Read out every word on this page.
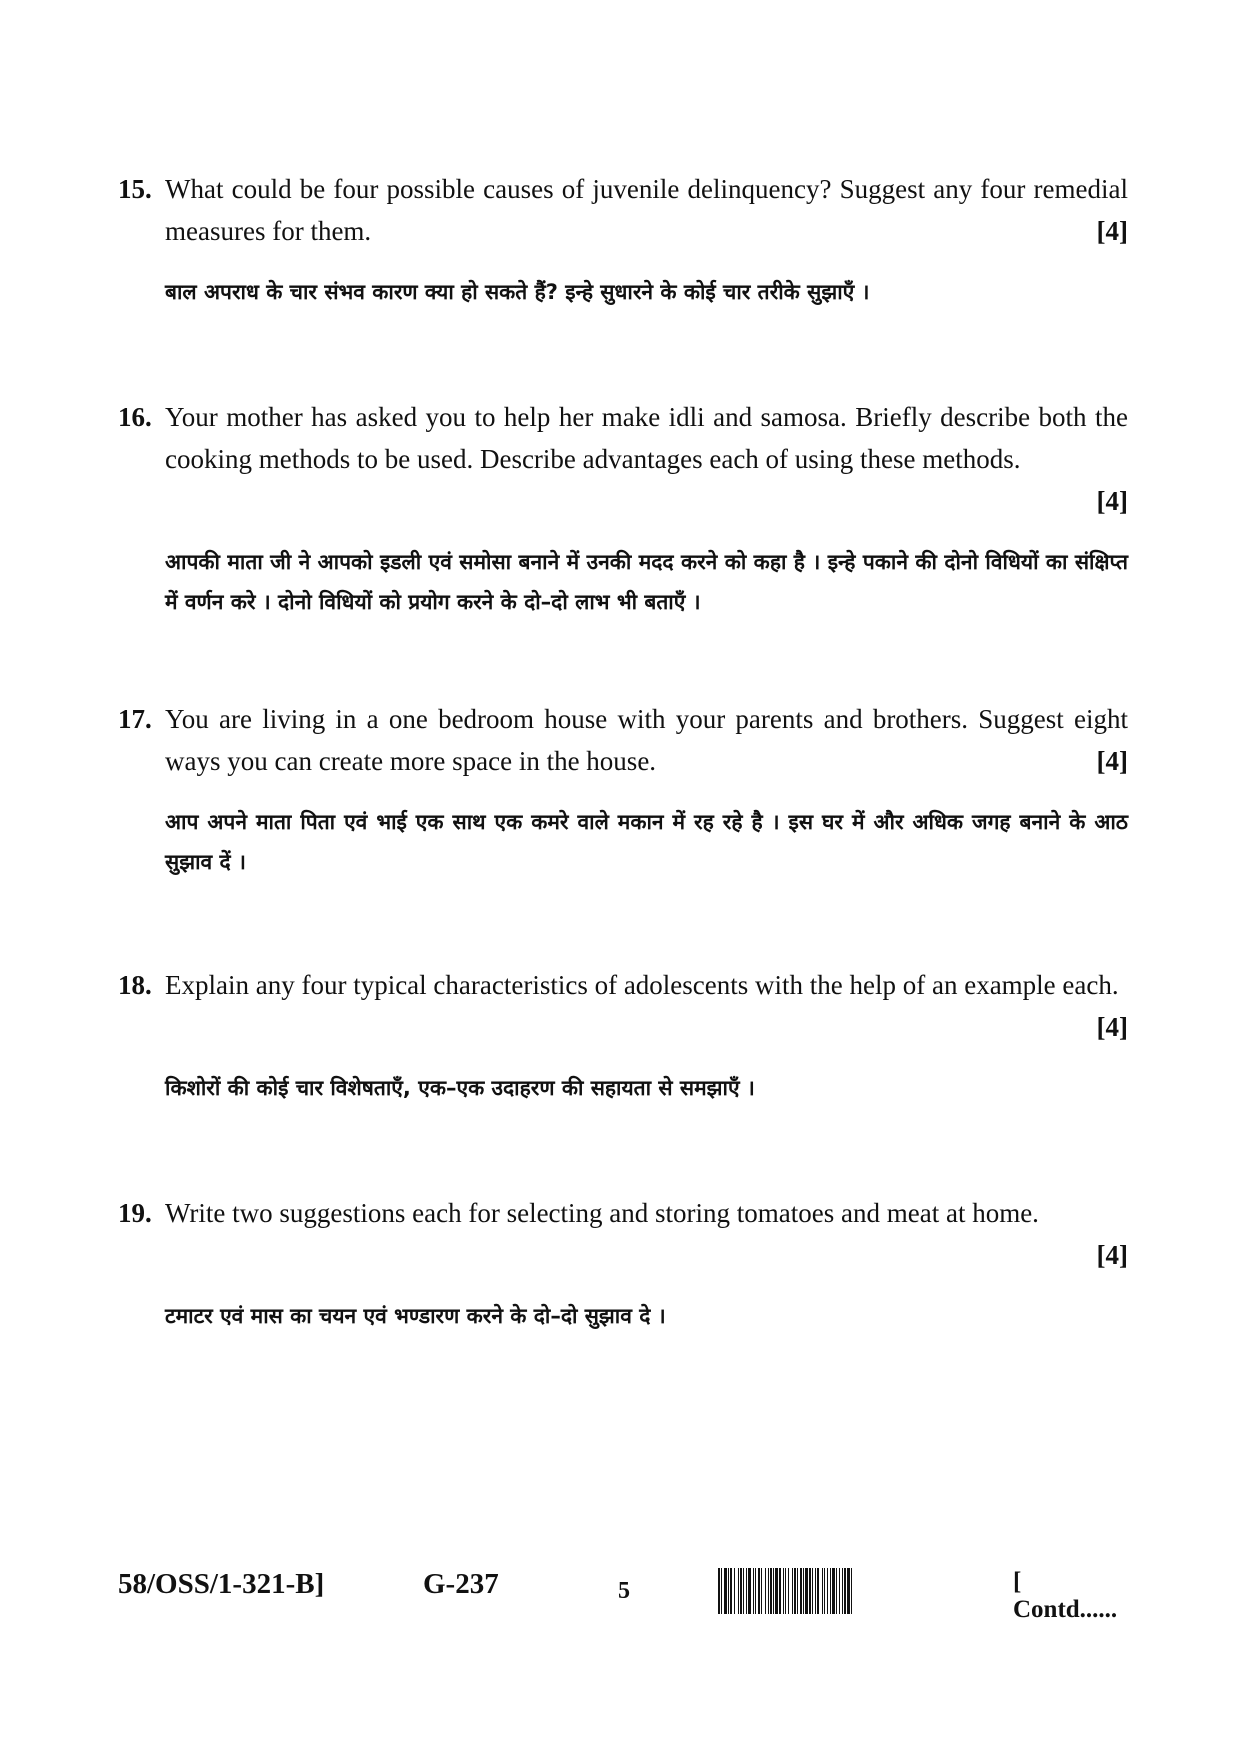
15. What could be four possible causes of juvenile delinquency? Suggest any four remedial measures for them.	[4]
बाल अपराध के चार संभव कारण क्या हो सकते हैं? इन्हे सुधारने के कोई चार तरीके सुझाएँ ।
16. Your mother has asked you to help her make idli and samosa. Briefly describe both the cooking methods to be used. Describe advantages each of using these methods.
[4]
आपकी माता जी ने आपको इडली एवं समोसा बनाने में उनकी मदद करने को कहा है । इन्हे पकाने की दोनो विधियों का संक्षिप्त में वर्णन करे । दोनो विधियों को प्रयोग करने के दो–दो लाभ भी बताएँ ।
17. You are living in a one bedroom house with your parents and brothers. Suggest eight ways you can create more space in the house.	[4]
आप अपने माता पिता एवं भाई एक साथ एक कमरे वाले मकान में रह रहे है । इस घर में और अधिक जगह बनाने के आठ सुझाव दें ।
18. Explain any four typical characteristics of adolescents with the help of an example each.
[4]
किशोरों की कोई चार विशेषताएँ, एक–एक उदाहरण की सहायता से समझाएँ ।
19. Write two suggestions each for selecting and storing tomatoes and meat at home.
[4]
टमाटर एवं मास का चयन एवं भण्डारण करने के दो–दो सुझाव दे ।
58/OSS/1-321-B]	G-237	5	[ Contd......
